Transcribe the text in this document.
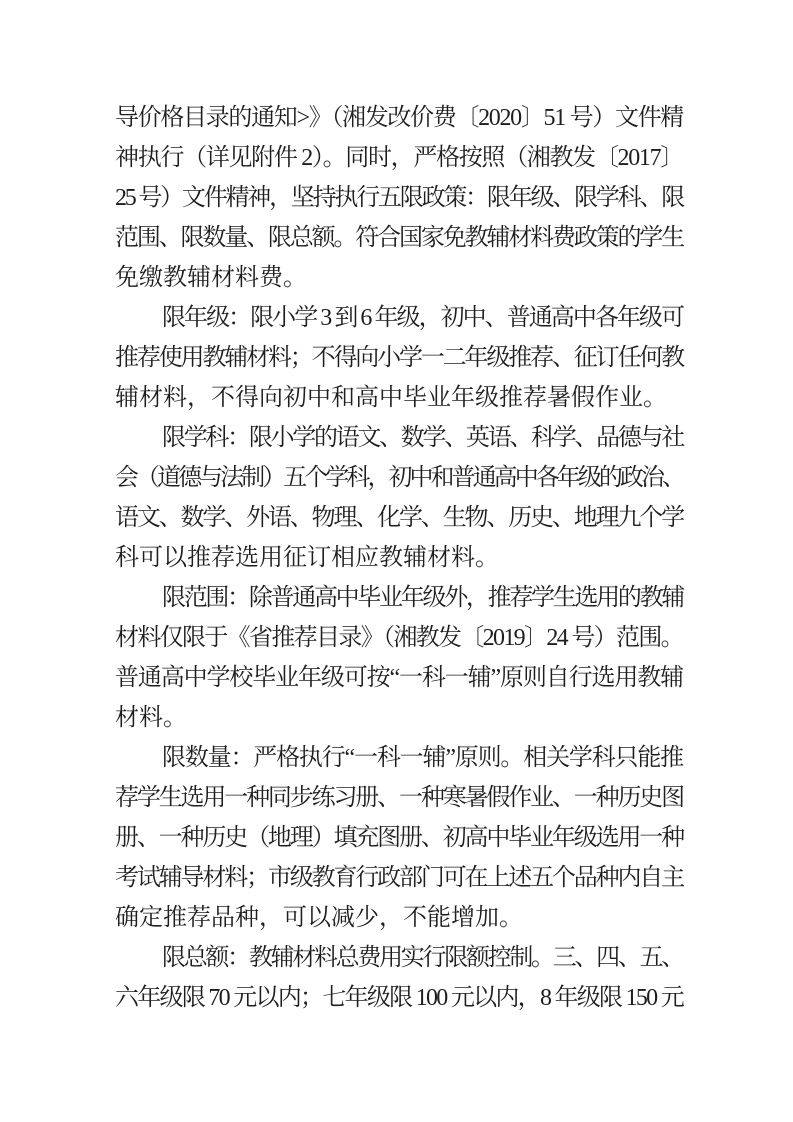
导价格目录的通知>》（湘发改价费〔2020〕51 号）文件精
神执行（详见附件 2）。同时，严格按照（湘教发〔2017〕
25 号）文件精神，坚持执行五限政策：限年级、限学科、限
范围、限数量、限总额。符合国家免教辅材料费政策的学生
免缴教辅材料费。
限年级：限小学 3 到 6 年级，初中、普通高中各年级可
推荐使用教辅材料；不得向小学一二年级推荐、征订任何教
辅材料，不得向初中和高中毕业年级推荐暑假作业。
限学科：限小学的语文、数学、英语、科学、品德与社
会（道德与法制）五个学科，初中和普通高中各年级的政治、
语文、数学、外语、物理、化学、生物、历史、地理九个学
科可以推荐选用征订相应教辅材料。
限范围：除普通高中毕业年级外，推荐学生选用的教辅
材料仅限于《省推荐目录》（湘教发〔2019〕24 号）范围。
普通高中学校毕业年级可按“一科一辅”原则自行选用教辅
材料。
限数量：严格执行“一科一辅”原则。相关学科只能推
荐学生选用一种同步练习册、一种寒暑假作业、一种历史图
册、一种历史（地理）填充图册、初高中毕业年级选用一种
考试辅导材料；市级教育行政部门可在上述五个品种内自主
确定推荐品种，可以减少，不能增加。
限总额：教辅材料总费用实行限额控制。三、四、五、
六年级限 70 元以内；七年级限 100 元以内，8 年级限 150 元
